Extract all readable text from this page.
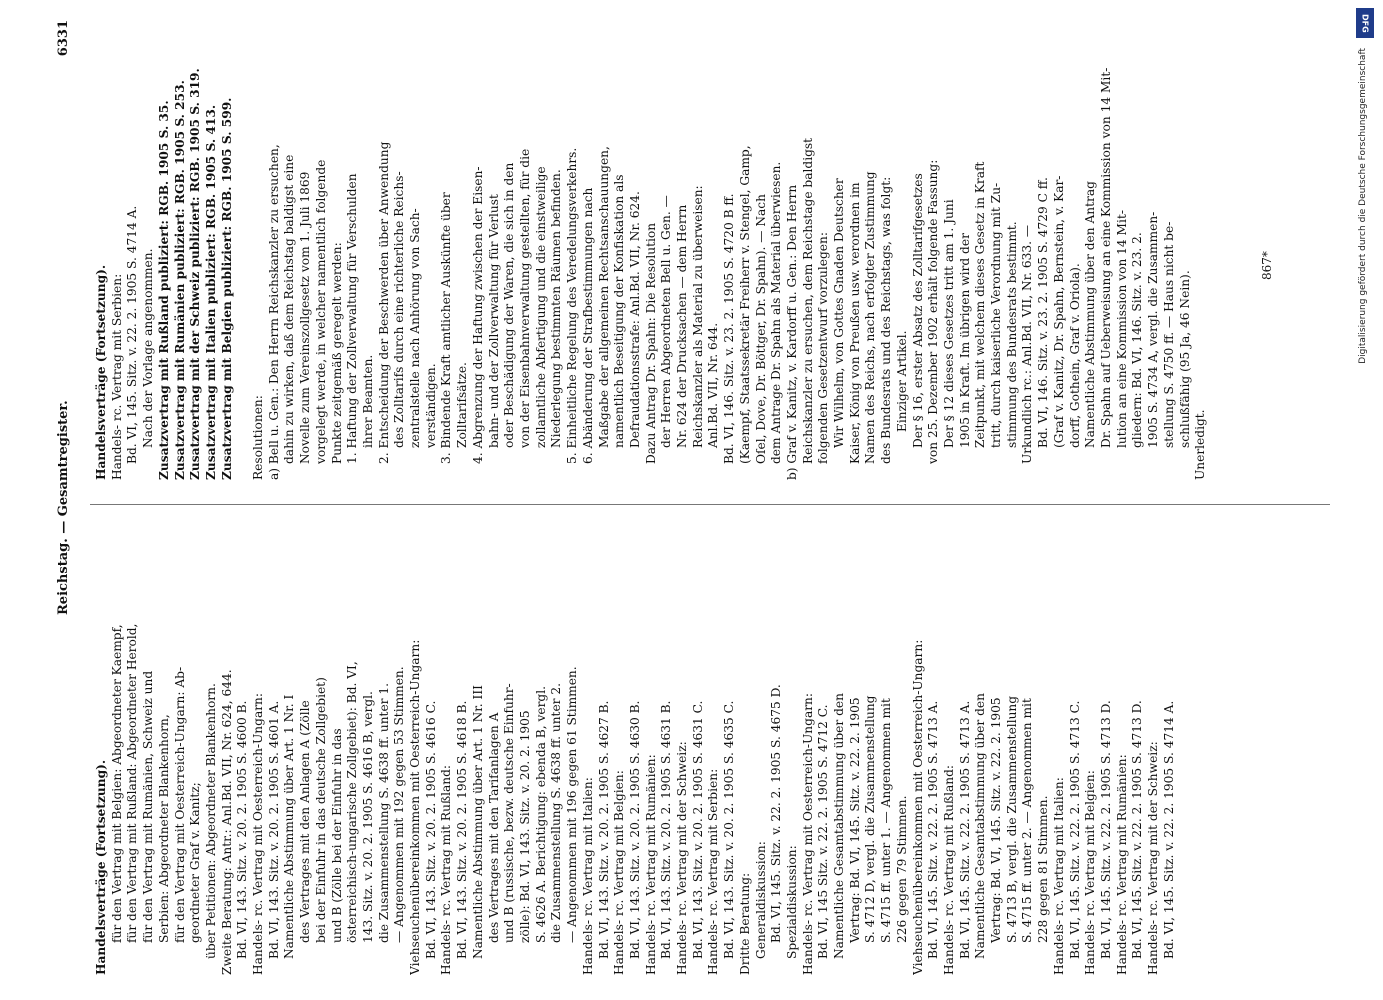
Reichstag. — Gesamtregister.
6331
Handelsverträge (Fortsetzung). für den Vertrag mit Belgien: Abgeordneter Kaempf, für den Vertrag mit Rußland: Abgeordneter Herold, für den Vertrag mit Rumänien, Schweiz und Serbien: Abgeordneter Blankenhorn, für den Vertrag mit Oesterreich-Ungarn: Ab- geordneter Graf v. Kanitz; über Petitionen: Abgeordneter Blankenhorn. Zweite Beratung: Antr.: Anl.Bd. VII, Nr. 624, 644. Bd. VI, 143. Sitz. v. 20. 2. 1905 S. 4600 B. Handels- rc. Vertrag mit Oesterreich-Ungarn: Bd. VI, 143. Sitz. v. 20. 2. 1905 S. 4601 A. Namentliche Abstimmung über Art. 1 Nr. I des Vertrages mit den Anlagen A (Zölle bei der Einfuhr in das deutsche Zollgebiet) und B (Zölle bei der Einfuhr in das österreichisch-ungarische Zollgebiet): Bd. VI, 143. Sitz. v. 20. 2. 1905 S. 4616 B, vergl. die Zusammenstellung S. 4638 ff. unter 1. — Angenommen mit 192 gegen 53 Stimmen. Viehseuchenübereinkommen mit Oesterreich-Ungarn: Bd. VI, 143. Sitz. v. 20. 2. 1905 S. 4616 C. Handels- rc. Vertrag mit Rußland: Bd. VI, 143. Sitz. v. 20. 2. 1905 S. 4618 B. Namentliche Abstimmung über Art. 1 Nr. III des Vertrages mit den Tarifanlagen A und B (russische, bezw. deutsche Einfuhr- zölle): Bd. VI, 143. Sitz. v. 20. 2. 1905 S. 4626 A. Berichtigung: ebenda B, vergl. die Zusammenstellung S. 4638 ff. unter 2. — Angenommen mit 196 gegen 61 Stimmen. Handels- rc. Vertrag mit Italien: Bd. VI, 143. Sitz. v. 20. 2. 1905 S. 4627 B. Handels- rc. Vertrag mit Belgien: Bd. VI, 143. Sitz. v. 20. 2. 1905 S. 4630 B. Handels- rc. Vertrag mit Rumänien: Bd. VI, 143. Sitz. v. 20. 2. 1905 S. 4631 B. Handels- rc. Vertrag mit der Schweiz: Bd. VI, 143. Sitz. v. 20. 2. 1905 S. 4631 C. Handels- rc. Vertrag mit Serbien: Bd. VI, 143. Sitz. v. 20. 2. 1905 S. 4635 C. Dritte Beratung: Generaldiskussion: Bd. VI, 145. Sitz. v. 22. 2. 1905 S. 4675 D. Spezialdiskussion: Handels- rc. Vertrag mit Oesterreich-Ungarn: Bd. VI, 145 Sitz. v. 22. 2. 1905 S. 4712 C. Namentliche Gesamtabstimmung über den Vertrag: Bd. VI, 145. Sitz. v. 22. 2. 1905 S. 4712 D, vergl. die Zusammenstellung S. 4715 ff. unter 1. — Angenommen mit 226 gegen 79 Stimmen. Viehseuchenübereinkommen mit Oesterreich-Ungarn: Bd. VI, 145. Sitz. v. 22. 2. 1905 S. 4713 A. Handels- rc. Vertrag mit Rußland: Bd. VI, 145. Sitz. v. 22. 2. 1905 S. 4713 A. Namentliche Gesamtabstimmung über den Vertrag: Bd. VI, 145. Sitz. v. 22. 2. 1905 S. 4713 B, vergl. die Zusammenstellung S. 4715 ff. unter 2. — Angenommen mit 228 gegen 81 Stimmen. Handels- rc. Vertrag mit Italien: Bd. VI, 145. Sitz. v. 22. 2. 1905 S. 4713 C. Handels- rc. Vertrag mit Belgien: Bd. VI, 145. Sitz. v. 22. 2. 1905 S. 4713 D. Handels- rc. Vertrag mit Rumänien: Bd. VI, 145. Sitz. v. 22. 2. 1905 S. 4713 D. Handels- rc. Vertrag mit der Schweiz: Bd. VI, 145. Sitz. v. 22. 2. 1905 S. 4714 A.
Handelsverträge (Fortsetzung). Handels- rc. Vertrag mit Serbien: Bd. VI, 145. Sitz. v. 22. 2. 1905 S. 4714 A. Nach der Vorlage angenommen. Zusatzvertrag mit Rußland publiziert: RGB. 1905 S. 35. Zusatzvertrag mit Rumänien publiziert: RGB. 1905 S. 253. Zusatzvertrag mit der Schweiz publiziert: RGB. 1905 S. 319. Zusatzvertrag mit Italien publiziert: RGB. 1905 S. 413. Zusatzvertrag mit Belgien publiziert: RGB. 1905 S. 599.
Resolutionen: a) Bell u. Gen.: Den Herrn Reichskanzler zu ersuchen, dahin zu wirken, daß dem Reichstag baldigst eine Novelle zum Vereinszollgesetz vom 1. Juli 1869 vorgelegt werde, in welcher namentlich folgende Punkte zeitgemäß geregelt werden: 1. Haftung der Zollverwaltung für Verschulden ihrer Beamten. 2. Entscheidung der Beschwerden über Anwendung des Zolltarifs durch eine richterliche Reichs- zentralstelle nach Anhörung von Sach- verständigen. 3. Bindende Kraft amtlicher Auskünfte über Zolltarifsätze. 4. Abgrenzung der Haftung zwischen der Eisen- bahn- und der Zollverwaltung für Verlust oder Beschädigung der Waren, die sich in den von der Eisenbahnverwaltung gestellten, für die zollamtliche Abfertigung und die einstweilige Niederlegung bestimmten Räumen befinden. 5. Einheitliche Regelung des Veredelungsverkehrs. 6. Abänderung der Strafbestimmungen nach Maßgabe der allgemeinen Rechtsanschauungen, namentlich Beseitigung der Konfiskation als Defraudationsstrafe: Anl.Bd. VII, Nr. 624. Dazu Antrag Dr. Spahn: Die Resolution der Herren Abgeordneten Bell u. Gen. — Nr. 624 der Drucksachen — dem Herrn Reichskanzler als Material zu überweisen: Anl.Bd. VII, Nr. 644. Bd. VI, 146. Sitz. v. 23. 2. 1905 S. 4720 B ff. (Kaempf, Staatssekretär Freiherr v. Stengel, Gamp, Oſel, Dove, Dr. Böttger, Dr. Spahn). — Nach dem Antrage Dr. Spahn als Material überwiesen. b) Graf v. Kanitz, v. Kardorff u. Gen.: Den Herrn Reichskanzler zu ersuchen, dem Reichstage baldigst folgenden Gesetzentwurf vorzulegen: Wir Wilhelm, von Gottes Gnaden Deutscher Kaiser, König von Preußen usw. verordnen im Namen des Reichs, nach erfolgter Zustimmung des Bundesrats und des Reichstags, was folgt: Einziger Artikel. Der § 16, erster Absatz des Zolltarifgesetzes von 25. Dezember 1902 erhält folgende Fassung: Der § 12 dieses Gesetzes tritt am 1. Juni 1905 in Kraft. Im übrigen wird der Zeitpunkt, mit welchem dieses Gesetz in Kraft tritt, durch kaiserliche Verordnung mit Zu- stimmung des Bundesrats bestimmt. Urkundlich rc.: Anl.Bd. VII, Nr. 633. — Bd. VI, 146. Sitz. v. 23. 2. 1905 S. 4729 C ff. (Graf v. Kanitz, Dr. Spahn, Bernstein, v. Kar- dorff, Gothein, Graf v. Oriola). Namentliche Abstimmung über den Antrag Dr. Spahn auf Ueberweisung an eine Kommission von 14 Mit- lution an eine Kommission von 14 Mit- gliedern: Bd. VI, 146. Sitz. v. 23. 2. 1905 S. 4734 A, vergl. die Zusammen- stellung S. 4750 ff. — Haus nicht be- schlußfähig (95 Ja, 46 Nein). Unerledigt.
867*
DFG
Digitalisierung gefördert durch die Deutsche Forschungsgemeinschaft
